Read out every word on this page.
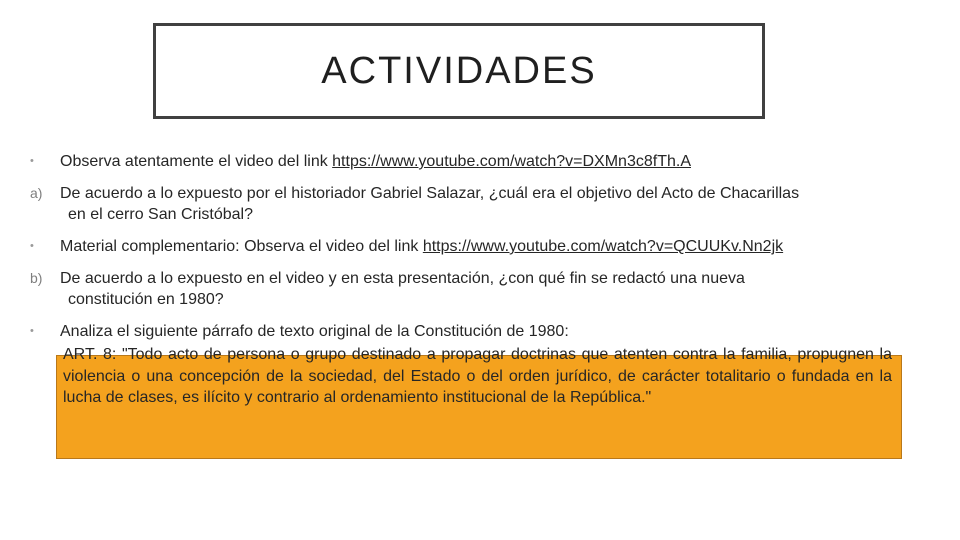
ACTIVIDADES
• Observa atentamente el video del link https://www.youtube.com/watch?v=DXMn3c8fTh.A
a) De acuerdo a lo expuesto por el historiador Gabriel Salazar, ¿cuál era el objetivo del Acto de Chacarillas
en el cerro San Cristóbal?
• Material complementario: Observa el video del link https://www.youtube.com/watch?v=QCUUKv.Nn2jk
b) De acuerdo a lo expuesto en el video y en esta presentación, ¿con qué fin se redactó una nueva
constitución en 1980?
• Analiza el siguiente párrafo de texto original de la Constitución de 1980:
ART. 8: "Todo acto de persona o grupo destinado a propagar doctrinas que atenten contra la familia, propugnen la violencia o una concepción de la sociedad, del Estado o del orden jurídico, de carácter totalitario o fundada en la lucha de clases, es ilícito y contrario al ordenamiento institucional de la República."
